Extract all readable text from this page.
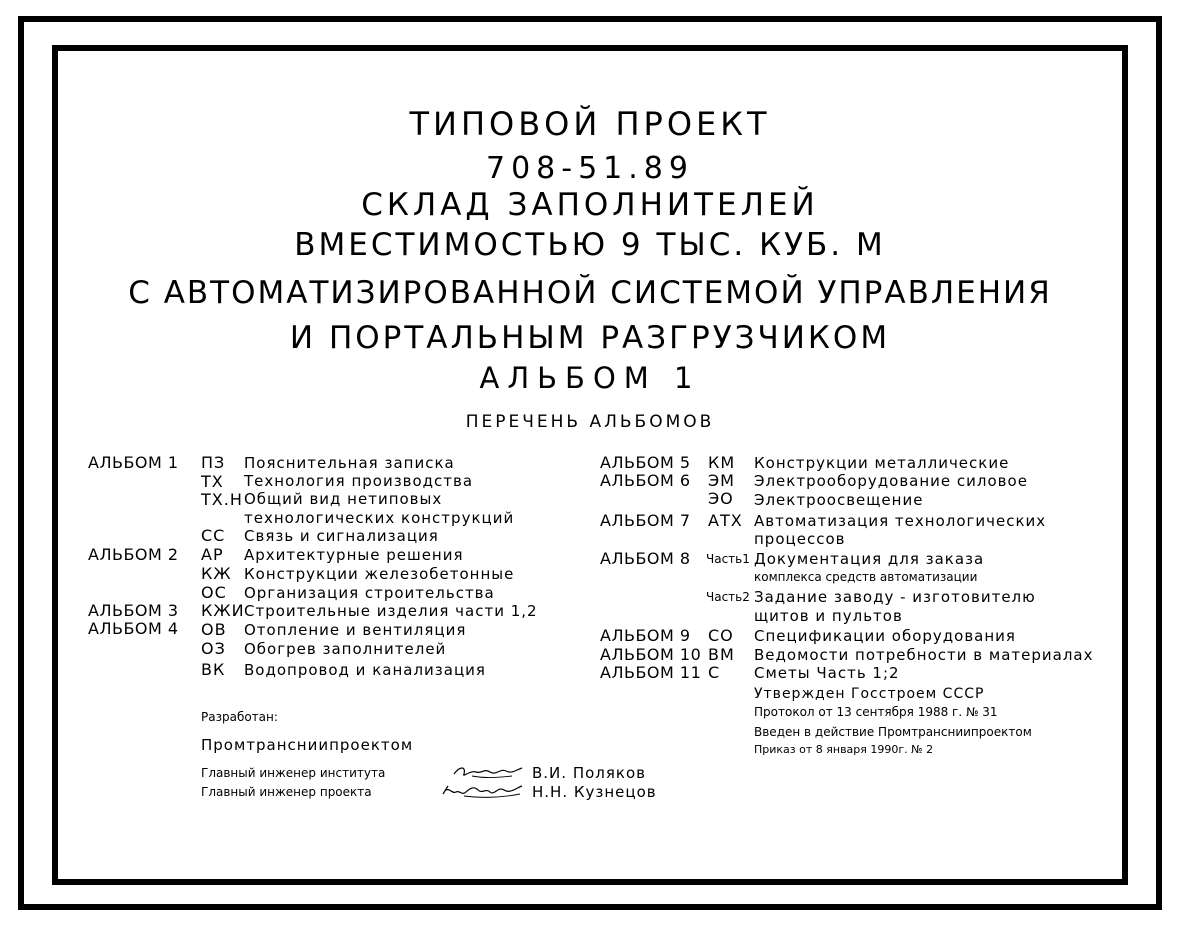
ТИПОВОЙ ПРОЕКТ
708-51.89
СКЛАД ЗАПОЛНИТЕЛЕЙ
ВМЕСТИМОСТЬЮ 9 ТЫС. КУБ. М
С АВТОМАТИЗИРОВАННОЙ СИСТЕМОЙ УПРАВЛЕНИЯ
И ПОРТАЛЬНЫМ РАЗГРУЗЧИКОМ
АЛЬБОМ 1
ПЕРЕЧЕНЬ АЛЬБОМОВ
АЛЬБОМ 1 ПЗ Пояснительная записка
ТХ Технология производства
ТХ.Н Общий вид нетиповых
технологических конструкций
СС Связь и сигнализация
АЛЬБОМ 2 АР Архитектурные решения
КЖ Конструкции железобетонные
ОС Организация строительства
АЛЬБОМ 3 КЖИ Строительные изделия части 1,2
АЛЬБОМ 4 ОВ Отопление и вентиляция
ОЗ Обогрев заполнителей
ВК Водопровод и канализация
АЛЬБОМ 5 КМ Конструкции металлические
АЛЬБОМ 6 ЭМ Электрооборудование силовое
ЭО Электроосвещение
АЛЬБОМ 7 АТХ Автоматизация технологических
процессов
АЛЬБОМ 8 Часть1 Документация для заказа
комплекса средств автоматизации
Часть2 Задание заводу - изготовителю
щитов и пультов
АЛЬБОМ 9 СО Спецификации оборудования
АЛЬБОМ 10 ВМ Ведомости потребности в материалах
АЛЬБОМ 11 С Сметы Часть 1;2
Утвержден Госстроем СССР
Протокол от 13 сентября 1988 г. № 31
Введен в действие Промтрансниипроектом
Приказ от 8 января 1990г. № 2
Разработан:
Промтрансниипроектом
Главный инженер института	В.И. Поляков
Главный инженер проекта	Н.Н. Кузнецов
